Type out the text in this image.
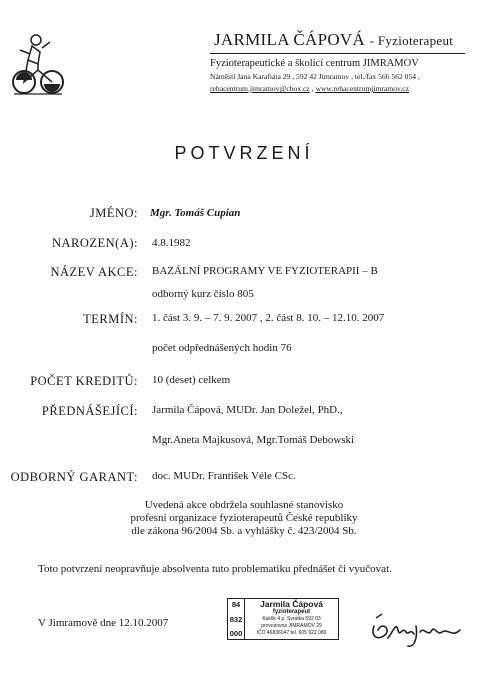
JARMILA ČÁPOVÁ - Fyzioterapeut
Fyzioterapeutické a školící centrum JIMRAMOV
Náměstí Jana Karafiáta 29 , 592 42 Jimramov , tel./fax 566 562 054 ,
rehacentrum.jimramov@cbox.cz , www.rehacentrumjimramov.cz
POTVRZENÍ
JMÉNO: Mgr. Tomáš Cupian
NAROZEN(A): 4.8.1982
NÁZEV AKCE: BAZÁLNÍ PROGRAMY VE FYZIOTERAPII – B
odborný kurz číslo 805
TERMÍN: 1. část 3. 9. – 7. 9. 2007 , 2. část 8. 10. – 12.10. 2007
počet odpřednášených hodin 76
POČET KREDITŮ: 10 (deset) celkem
PŘEDNÁŠEJÍCÍ: Jarmila Čápová, MUDr. Jan Doležel, PhD.,
Mgr.Aneta Majkusová, Mgr.Tomáš Debowski
ODBORNÝ GARANT: doc. MUDr. František Véle CSc.
Uvedená akce obdržela souhlasné stanovisko
profesní organizace fyzioterapeutů České republiky
dle zákona 96/2004 Sb. a vyhlášky č. 423/2004 Sb.
Toto potvrzení neopravňuje absolventa tuto problematiku přednášet či vyučovat.
V Jimramově dne 12.10.2007
84
832
000
Jarmila Čápová
fyzioterapeut
Kuklík 4 p. Svratka 592 03
provozovna JIMRAMOV 29
IČO 46836047 tel. 605 922 080
